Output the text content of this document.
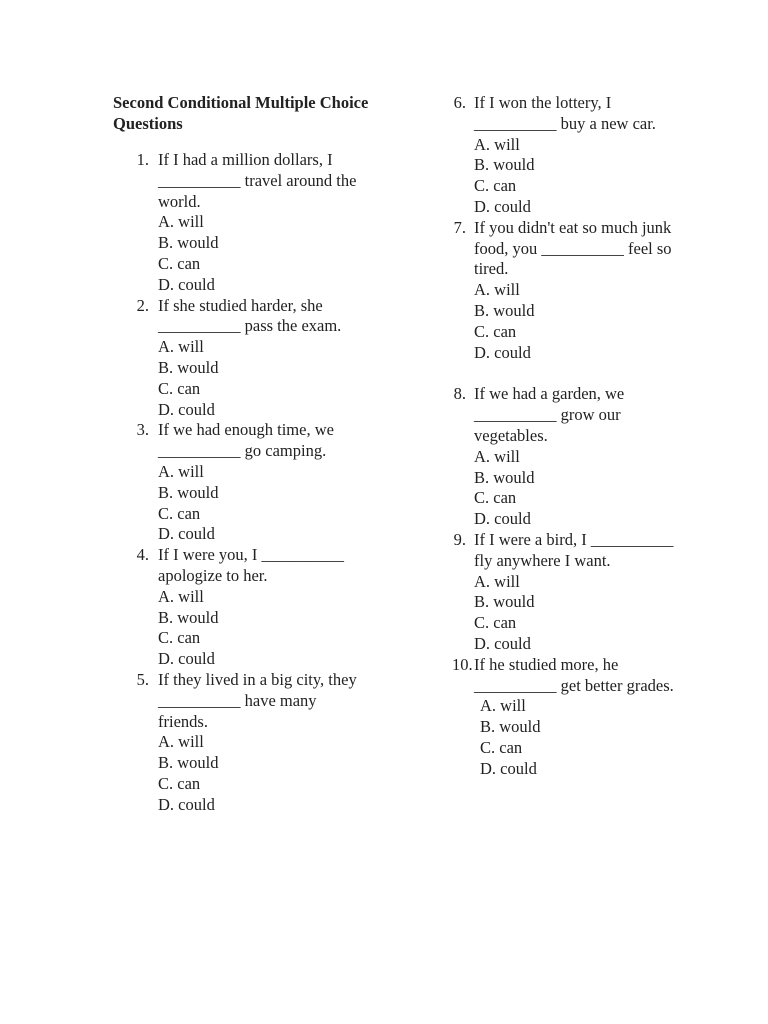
Second Conditional Multiple Choice Questions
1. If I had a million dollars, I __________ travel around the world.
A. will
B. would
C. can
D. could
2. If she studied harder, she __________ pass the exam.
A. will
B. would
C. can
D. could
3. If we had enough time, we __________ go camping.
A. will
B. would
C. can
D. could
4. If I were you, I __________ apologize to her.
A. will
B. would
C. can
D. could
5. If they lived in a big city, they __________ have many friends.
A. will
B. would
C. can
D. could
6. If I won the lottery, I __________ buy a new car.
A. will
B. would
C. can
D. could
7. If you didn't eat so much junk food, you __________ feel so tired.
A. will
B. would
C. can
D. could
8. If we had a garden, we __________ grow our vegetables.
A. will
B. would
C. can
D. could
9. If I were a bird, I __________ fly anywhere I want.
A. will
B. would
C. can
D. could
10. If he studied more, he __________ get better grades.
A. will
B. would
C. can
D. could
